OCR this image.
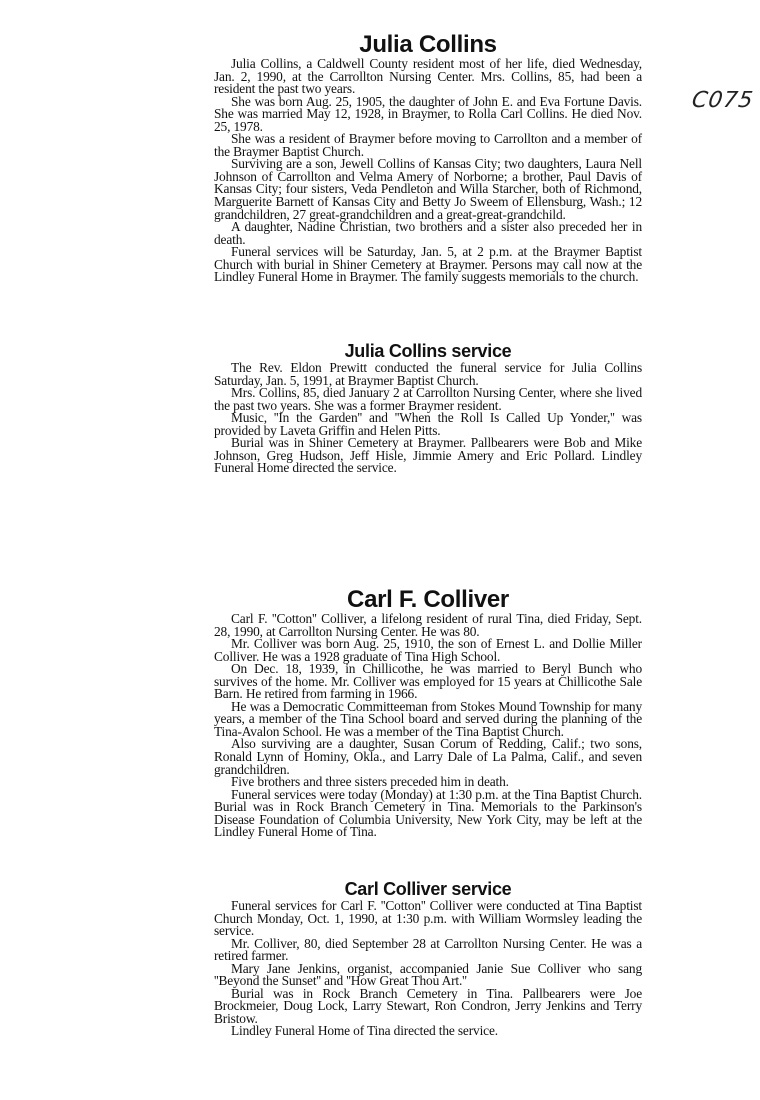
C075
Julia Collins

Julia Collins, a Caldwell County resident most of her life, died Wednesday, Jan. 2, 1990, at the Carrollton Nursing Center. Mrs. Collins, 85, had been a resident the past two years.

She was born Aug. 25, 1905, the daughter of John E. and Eva Fortune Davis. She was married May 12, 1928, in Braymer, to Rolla Carl Collins. He died Nov. 25, 1978.

She was a resident of Braymer before moving to Carrollton and a member of the Braymer Baptist Church.

Surviving are a son, Jewell Collins of Kansas City; two daughters, Laura Nell Johnson of Carrollton and Velma Amery of Norborne; a brother, Paul Davis of Kansas City; four sisters, Veda Pendleton and Willa Starcher, both of Richmond, Marguerite Barnett of Kansas City and Betty Jo Sweem of Ellensburg, Wash.; 12 grandchildren, 27 great-grandchildren and a great-great-grandchild.

A daughter, Nadine Christian, two brothers and a sister also preceded her in death.

Funeral services will be Saturday, Jan. 5, at 2 p.m. at the Braymer Baptist Church with burial in Shiner Cemetery at Braymer. Persons may call now at the Lindley Funeral Home in Braymer. The family suggests memorials to the church.

Julia Collins service

The Rev. Eldon Prewitt conducted the funeral service for Julia Collins Saturday, Jan. 5, 1991, at Braymer Baptist Church.

Mrs. Collins, 85, died January 2 at Carrollton Nursing Center, where she lived the past two years. She was a former Braymer resident.

Music, ''In the Garden'' and ''When the Roll Is Called Up Yonder,'' was provided by Laveta Griffin and Helen Pitts.

Burial was in Shiner Cemetery at Braymer. Pallbearers were Bob and Mike Johnson, Greg Hudson, Jeff Hisle, Jimmie Amery and Eric Pollard. Lindley Funeral Home directed the service.

Carl F. Colliver

Carl F. ''Cotton'' Colliver, a lifelong resident of rural Tina, died Friday, Sept. 28, 1990, at Carrollton Nursing Center. He was 80.

Mr. Colliver was born Aug. 25, 1910, the son of Ernest L. and Dollie Miller Colliver. He was a 1928 graduate of Tina High School.

On Dec. 18, 1939, in Chillicothe, he was married to Beryl Bunch who survives of the home. Mr. Colliver was employed for 15 years at Chillicothe Sale Barn. He retired from farming in 1966.

He was a Democratic Committeeman from Stokes Mound Township for many years, a member of the Tina School board and served during the planning of the Tina-Avalon School. He was a member of the Tina Baptist Church.

Also surviving are a daughter, Susan Corum of Redding, Calif.; two sons, Ronald Lynn of Hominy, Okla., and Larry Dale of La Palma, Calif., and seven grandchildren.

Five brothers and three sisters preceded him in death.

Funeral services were today (Monday) at 1:30 p.m. at the Tina Baptist Church. Burial was in Rock Branch Cemetery in Tina. Memorials to the Parkinson's Disease Foundation of Columbia University, New York City, may be left at the Lindley Funeral Home of Tina.

Carl Colliver service

Funeral services for Carl F. ''Cotton'' Colliver were conducted at Tina Baptist Church Monday, Oct. 1, 1990, at 1:30 p.m. with William Wormsley leading the service.

Mr. Colliver, 80, died September 28 at Carrollton Nursing Center. He was a retired farmer.

Mary Jane Jenkins, organist, accompanied Janie Sue Colliver who sang ''Beyond the Sunset'' and ''How Great Thou Art.''

Burial was in Rock Branch Cemetery in Tina. Pallbearers were Joe Brockmeier, Doug Lock, Larry Stewart, Ron Condron, Jerry Jenkins and Terry Bristow.

Lindley Funeral Home of Tina directed the service.
